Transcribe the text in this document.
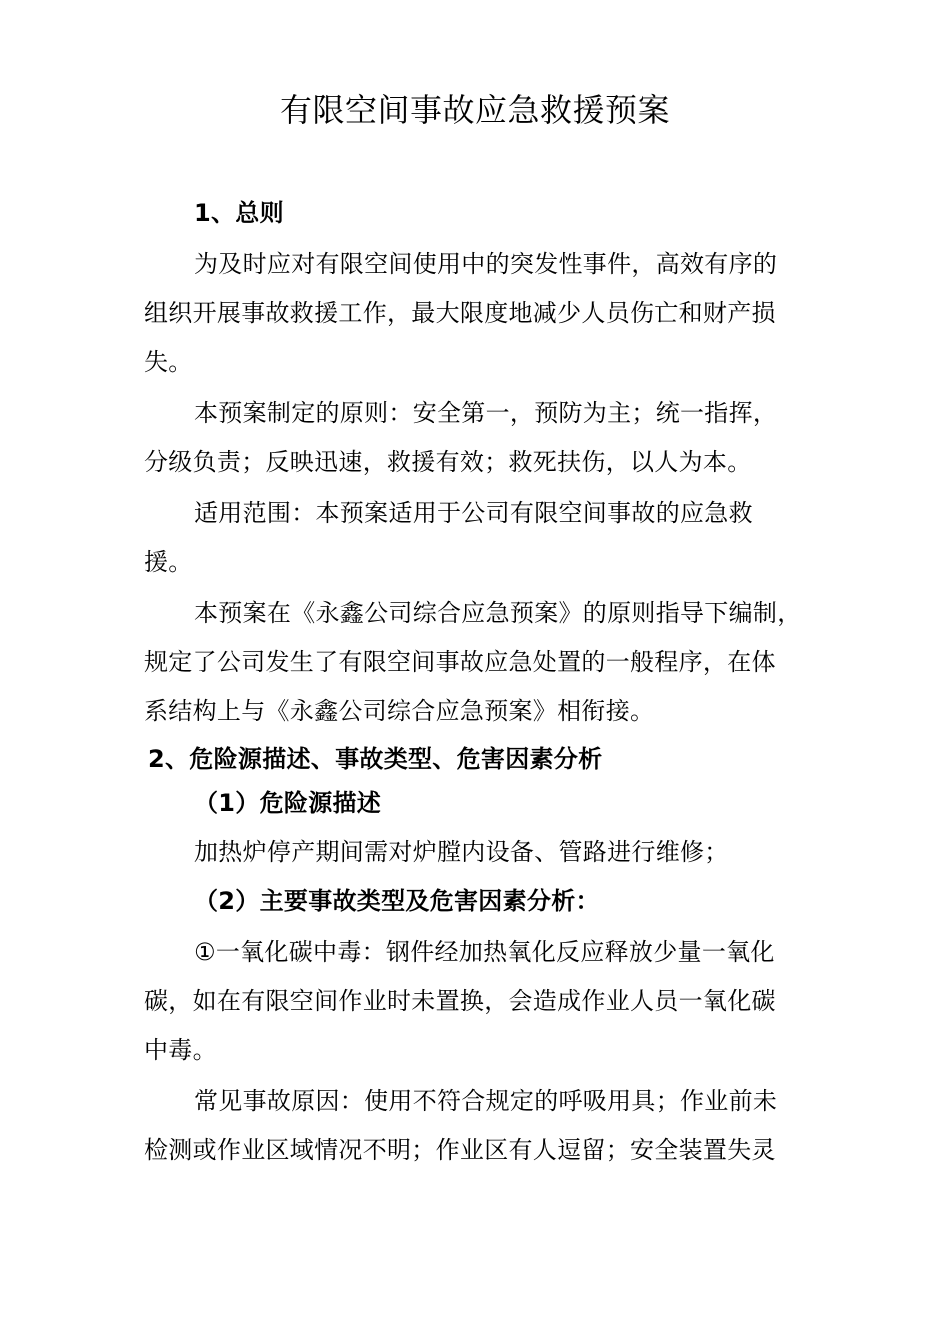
有限空间事故应急救援预案
1、总则
为及时应对有限空间使用中的突发性事件，高效有序的
组织开展事故救援工作，最大限度地减少人员伤亡和财产损
失。
本预案制定的原则：安全第一，预防为主；统一指挥，
分级负责；反映迅速，救援有效；救死扶伤，以人为本。
适用范围：本预案适用于公司有限空间事故的应急救
援。
本预案在《永鑫公司综合应急预案》的原则指导下编制，
规定了公司发生了有限空间事故应急处置的一般程序，在体
系结构上与《永鑫公司综合应急预案》相衔接。
2、危险源描述、事故类型、危害因素分析
（1）危险源描述
加热炉停产期间需对炉膛内设备、管路进行维修；
（2）主要事故类型及危害因素分析：
①一氧化碳中毒：钢件经加热氧化反应释放少量一氧化
碳，如在有限空间作业时未置换，会造成作业人员一氧化碳
中毒。
常见事故原因：使用不符合规定的呼吸用具；作业前未
检测或作业区域情况不明；作业区有人逗留；安全装置失灵
